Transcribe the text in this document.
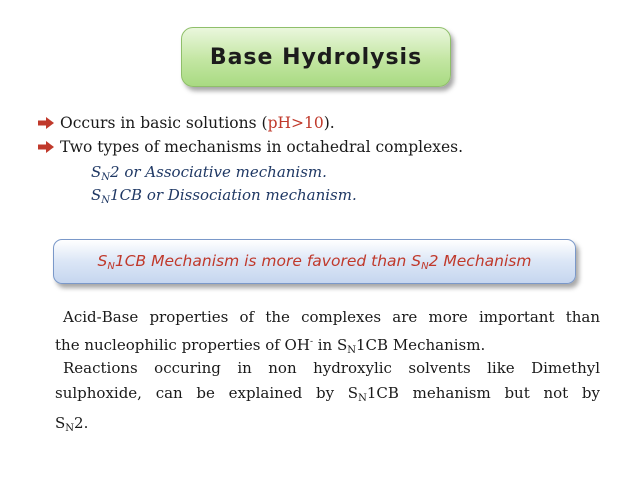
Base Hydrolysis
Occurs in basic solutions (pH>10).
Two types of mechanisms in octahedral complexes.
$S_N2$ or Associative mechanism.
$S_N1CB$ or Dissociation mechanism.
SN1CB Mechanism is more favored than SN2 Mechanism
Acid-Base properties of the complexes are more important than
the nucleophilic properties of OH- in $S_N1CB$ Mechanism.
Reactions occuring in non hydroxylic solvents like Dimethyl
sulphoxide, can be explained by $S_N1CB$ mehanism but not by
$S_N2$.
